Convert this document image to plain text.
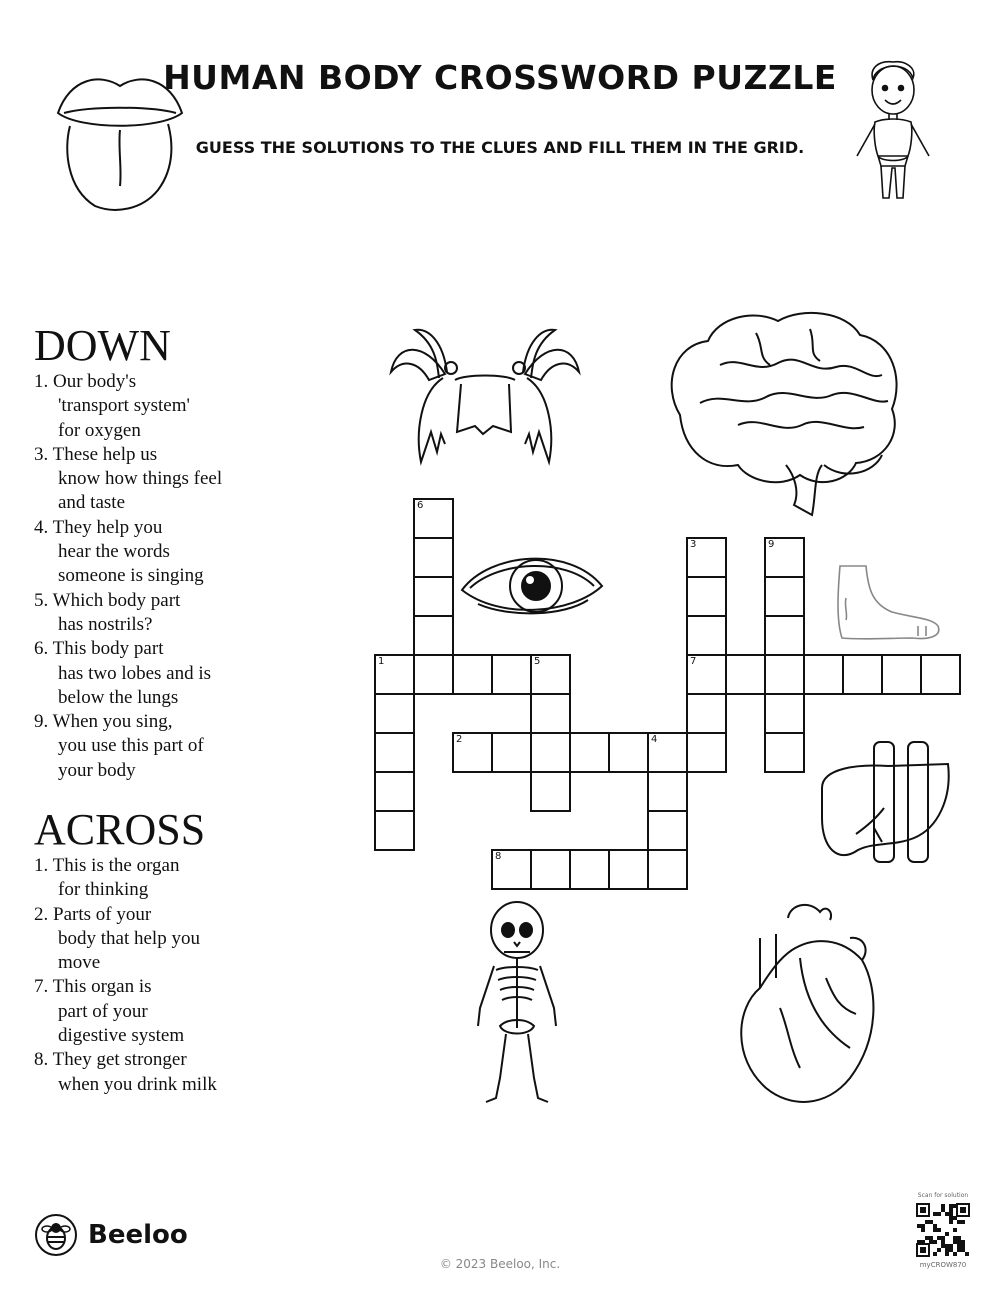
HUMAN BODY CROSSWORD PUZZLE
GUESS THE SOLUTIONS TO THE CLUES AND FILL THEM IN THE GRID.
DOWN
1. Our body's
'transport system'
for oxygen
3. These help us
know how things feel
and taste
4. They help you
hear the words
someone is singing
5. Which body part
has nostrils?
6. This body part
has two lobes and is
below the lungs
9. When you sing,
you use this part of
your body
ACROSS
1. This is the organ
for thinking
2. Parts of your
body that help you
move
7. This organ is
part of your
digestive system
8. They get stronger
when you drink milk
6
3	9
1	5	7
2	4
8
Beeloo
© 2023 Beeloo, Inc.
Scan for solution
myCROW870
